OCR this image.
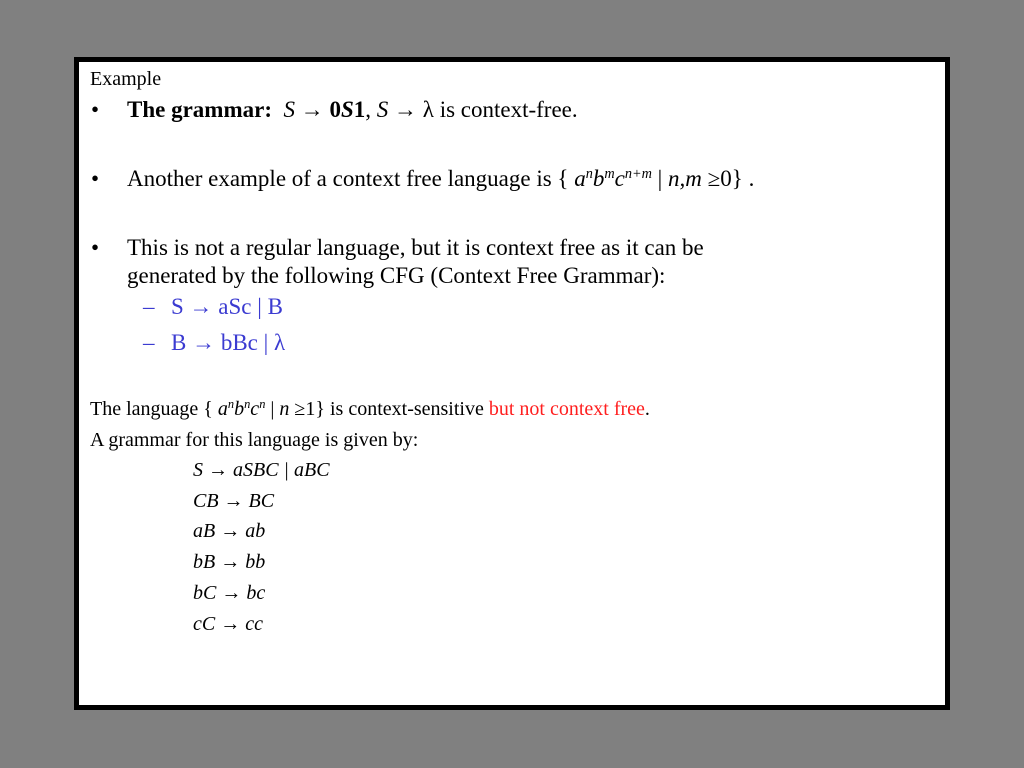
Example
• The grammar: S → 0S1, S → λ is context-free.
• Another example of a context free language is { $a^nb^mc^{n+m}$ | n,m ≥0} .
• This is not a regular language, but it is context free as it can be
generated by the following CFG (Context Free Grammar):
– S → aSc | B
– B → bBc | λ
The language { $a^nb^nc^n$ | n ≥1} is context-sensitive but not context free.
A grammar for this language is given by:
S → aSBC | aBC
CB → BC
aB → ab
bB → bb
bC → bc
cC → cc
